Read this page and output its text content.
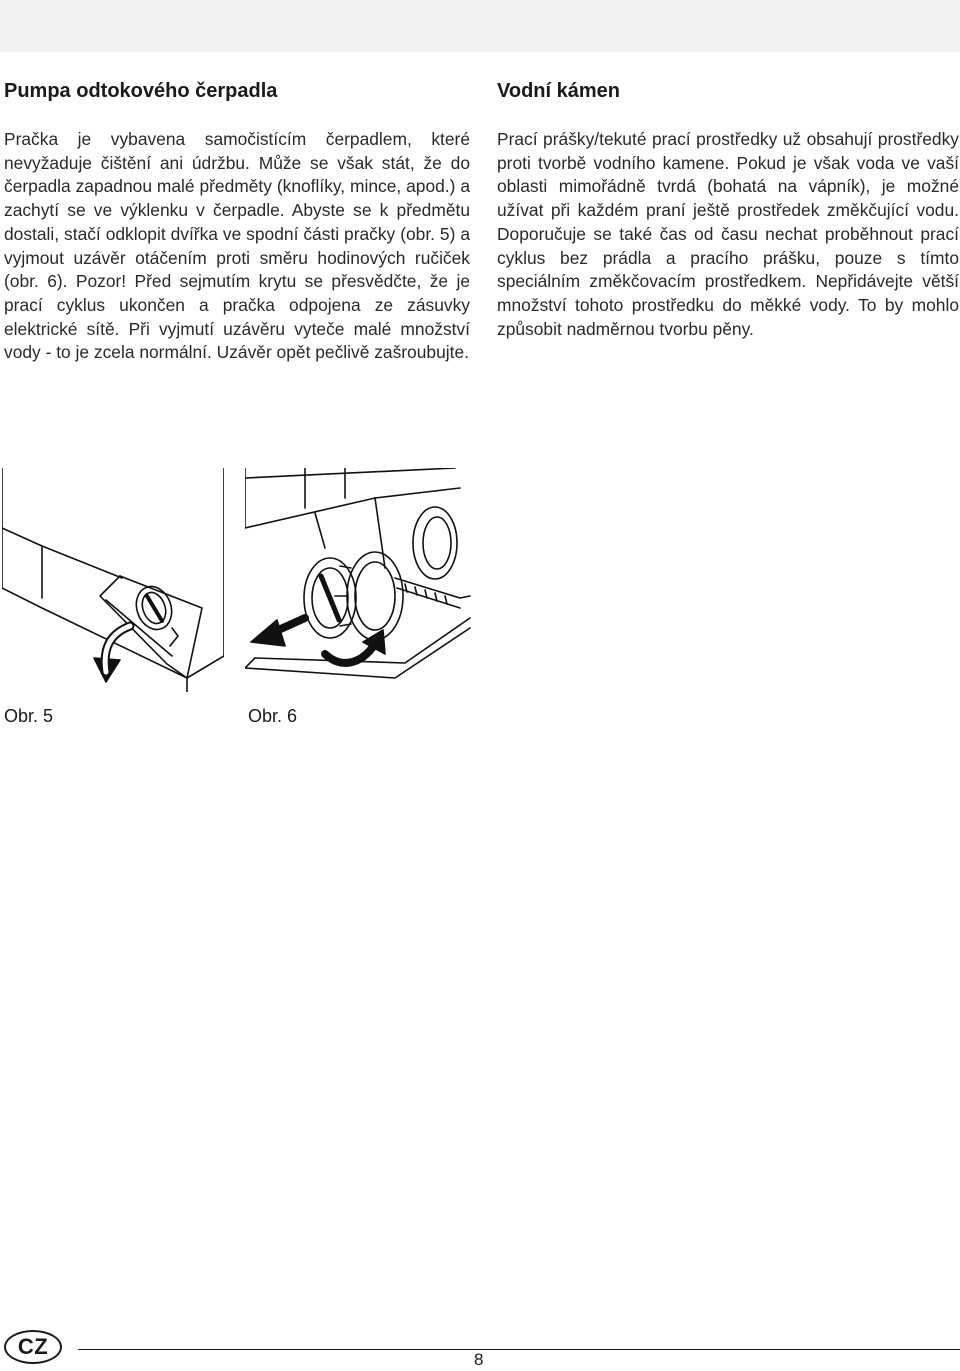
Pumpa odtokového čerpadla

Pračka je vybavena samočistícím čerpadlem, které nevyžaduje čištění ani údržbu. Může se však stát, že do čerpadla zapadnou malé předměty (knoflíky, mince, apod.) a zachytí se ve výklenku v čerpadle. Abyste se k předmětu dostali, stačí odklopit dvířka ve spodní části pračky (obr. 5) a vyjmout uzávěr otáčením proti směru hodinových ručiček (obr. 6). Pozor! Před sejmutím krytu se přesvědčte, že je prací cyklus ukončen a pračka odpojena ze zásuvky elektrické sítě. Při vyjmutí uzávěru vyteče malé množství vody - to je zcela normální. Uzávěr opět pečlivě zašroubujte.

Vodní kámen

Prací prášky/tekuté prací prostředky už obsahují prostředky proti tvorbě vodního kamene. Pokud je však voda ve vaší oblasti mimořádně tvrdá (bohatá na vápník), je možné užívat při každém praní ještě prostředek změkčující vodu. Doporučuje se také čas od času nechat proběhnout prací cyklus bez prádla a pracího prášku, pouze s tímto speciálním změkčovacím prostředkem. Nepřidávejte větší množství tohoto prostředku do měkké vody. To by mohlo způsobit nadměrnou tvorbu pěny.

Obr. 5	Obr. 6

CZ
8
